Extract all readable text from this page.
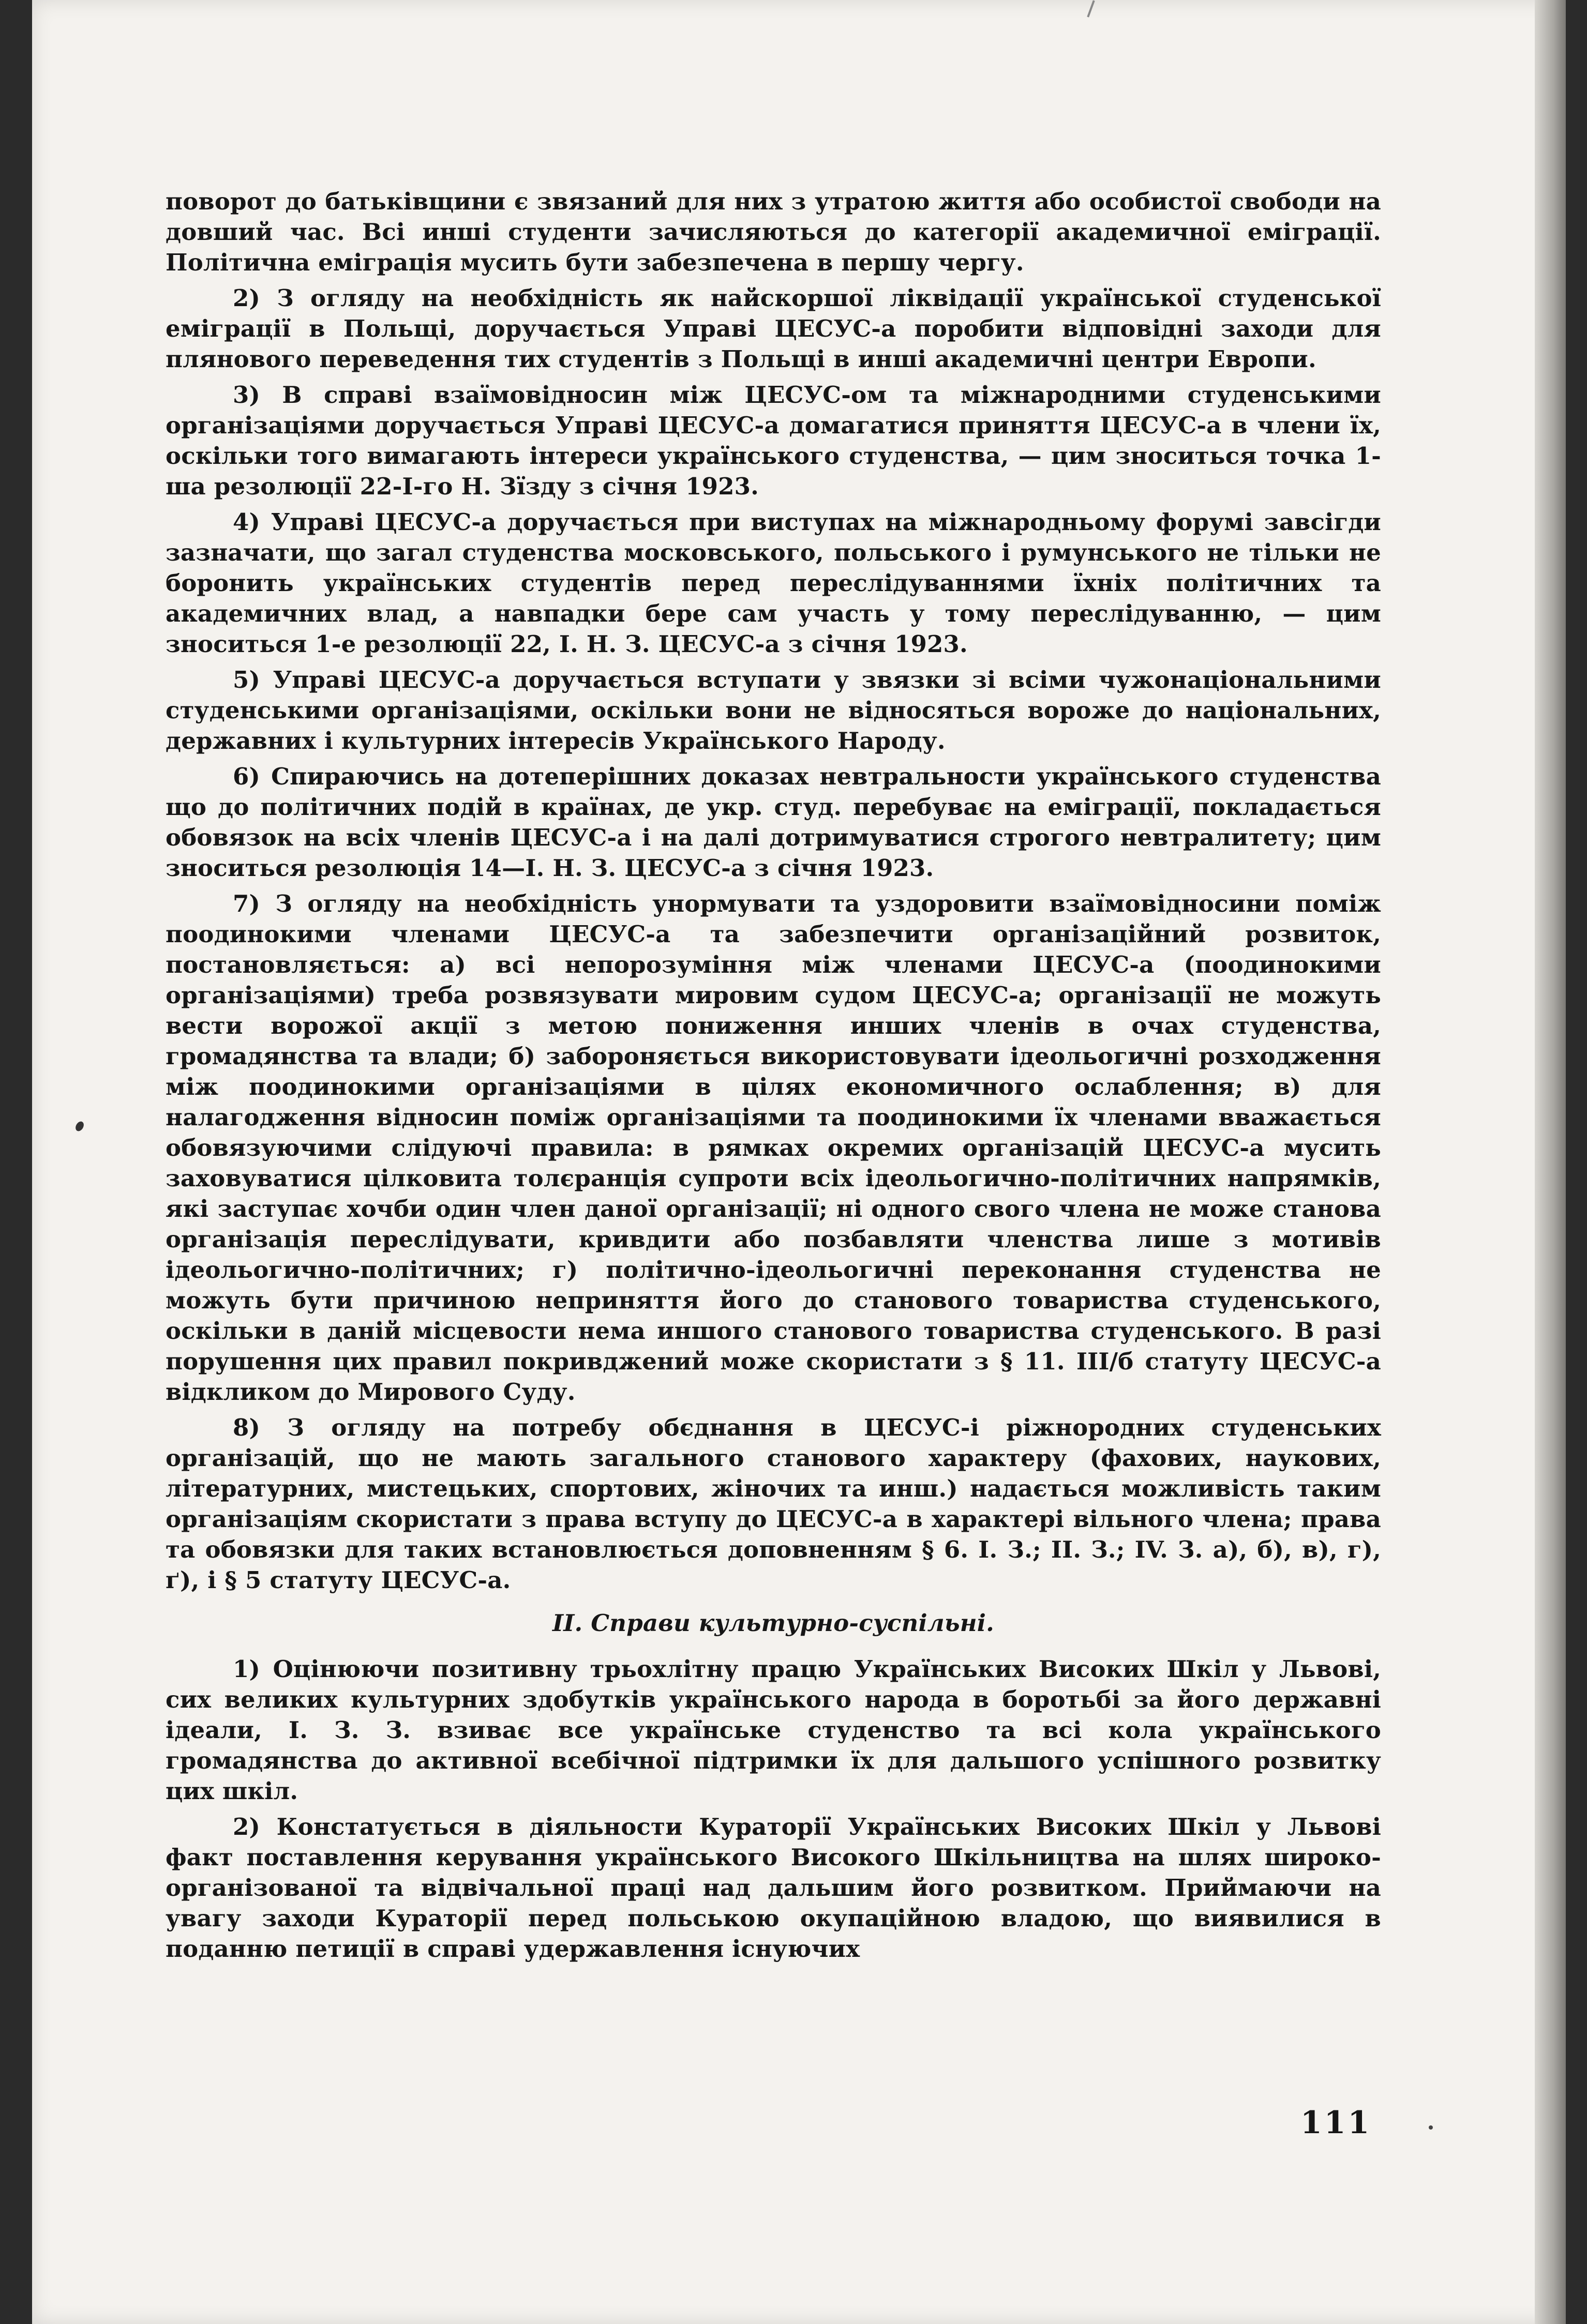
поворот до батьківщини є звязаний для них з утратою життя або особистої свободи на довший час. Всі инші студенти зачисляються до категорії академичної еміграції. Політична еміграція мусить бути забезпечена в першу чергу.

2) З огляду на необхідність як найскоршої ліквідації української студенської еміграції в Польщі, доручається Управі ЦЕСУС-а поробити відповідні заходи для плянового переведення тих студентів з Польщі в инші академичні центри Европи.

3) В справі взаїмовідносин між ЦЕСУС-ом та міжнародними студенськими організаціями доручається Управі ЦЕСУС-а домагатися приняття ЦЕСУС-а в члени їх, оскільки того вимагають інтереси українського студенства, — цим зноситься точка 1-ша резолюції 22-І-го Н. Зїзду з січня 1923.

4) Управі ЦЕСУС-а доручається при виступах на міжнародньому форумі завсігди зазначати, що загал студенства московського, польського і румунського не тільки не боронить українських студентів перед переслідуваннями їхніх політичних та академичних влад, а навпадки бере сам участь у тому переслідуванню, — цим зноситься 1-е резолюції 22, І. Н. З. ЦЕСУС-а з січня 1923.

5) Управі ЦЕСУС-а доручається вступати у звязки зі всіми чужонаціональними студенськими організаціями, оскільки вони не відносяться вороже до національних, державних і культурних інтересів Українського Народу.

6) Спираючись на дотеперішних доказах невтральности українського студенства що до політичних подій в країнах, де укр. студ. перебуває на еміграції, покладається обовязок на всіх членів ЦЕСУС-а і на далі дотримуватися строгого невтралитету; цим зноситься резолюція 14—І. Н. З. ЦЕСУС-а з січня 1923.

7) З огляду на необхідність унормувати та уздоровити взаїмовідносини поміж поодинокими членами ЦЕСУС-а та забезпечити організаційний розвиток, постановляється: а) всі непорозуміння між членами ЦЕСУС-а (поодинокими організаціями) треба розвязувати мировим судом ЦЕСУС-а; організації не можуть вести ворожої акції з метою пониження инших членів в очах студенства, громадянства та влади; б) забороняється використовувати ідеольогичні розходження між поодинокими організаціями в цілях економичного ослаблення; в) для налагодження відносин поміж організаціями та поодинокими їх членами вважається обовязуючими слідуючі правила: в рямках окремих організацій ЦЕСУС-а мусить заховуватися цілковита толєранція супроти всіх ідеольогично-політичних напрямків, які заступає хочби один член даної організації; ні одного свого члена не може станова організація переслідувати, кривдити або позбавляти членства лише з мотивів ідеольогично-політичних; г) політично-ідеольогичні переконання студенства не можуть бути причиною неприняття його до станового товариства студенського, оскільки в даній місцевости нема иншого станового товариства студенського. В разі порушення цих правил покривджений може скористати з § 11. ІІІ/б статуту ЦЕСУС-а відкликом до Мирового Суду.

8) З огляду на потребу обєднання в ЦЕСУС-і ріжнородних студенських організацій, що не мають загального станового характеру (фахових, наукових, літературних, мистецьких, спортових, жіночих та инш.) надається можливість таким організаціям скористати з права вступу до ЦЕСУС-а в характері вільного члена; права та обовязки для таких встановлюється доповненням § 6. І. З.; ІІ. З.; IV. З. а), б), в), г), ґ), і § 5 статуту ЦЕСУС-а.

II. Справи культурно-суспільні.

1) Оцінюючи позитивну трьохлітну працю Українських Високих Шкіл у Львові, сих великих культурних здобутків українського народа в боротьбі за його державні ідеали, І. З. З. взиває все українське студенство та всі кола українського громадянства до активної всебічної підтримки їх для дальшого успішного розвитку цих шкіл.

2) Констатується в діяльности Кураторії Українських Високих Шкіл у Львові факт поставлення керування українського Високого Шкільництва на шлях широко-організованої та відвічальної праці над дальшим його розвитком. Приймаючи на увагу заходи Кураторії перед польською окупаційною владою, що виявилися в поданню петиції в справі удержавлення існуючих

111
